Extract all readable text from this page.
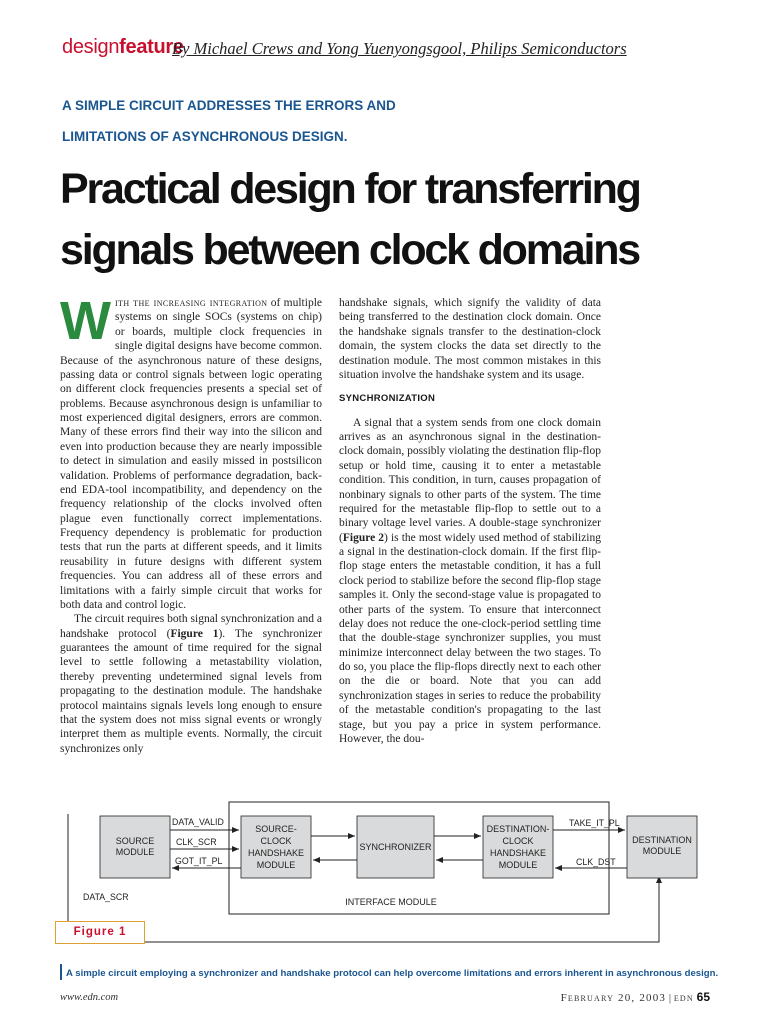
designfeature
By Michael Crews and Yong Yuenyongsgool, Philips Semiconductors
A SIMPLE CIRCUIT ADDRESSES THE ERRORS AND
LIMITATIONS OF ASYNCHRONOUS DESIGN.
Practical design for transferring
signals between clock domains

With the increasing integration of multiple systems on single SOCs (systems on chip) or boards, multiple clock frequencies in single digital designs have become common. Because of the asynchronous nature of these designs, passing data or control signals between logic operating on different clock frequencies presents a special set of problems. Because asynchronous design is unfamiliar to most experienced digital designers, errors are common. Many of these errors find their way into the silicon and even into production because they are nearly impossible to detect in simulation and easily missed in postsilicon validation. Problems of performance degradation, back-end EDA-tool incompatibility, and dependency on the frequency relationship of the clocks involved often plague even functionally correct implementations. Frequency dependency is problematic for production tests that run the parts at different speeds, and it limits reusability in future designs with different system frequencies. You can address all of these errors and limitations with a fairly simple circuit that works for both data and control logic.

The circuit requires both signal synchronization and a handshake protocol (Figure 1). The synchronizer guarantees the amount of time required for the signal level to settle following a metastability violation, thereby preventing undetermined signal levels from propagating to the destination module. The handshake protocol maintains signals levels long enough to ensure that the system does not miss signal events or wrongly interpret them as multiple events. Normally, the circuit synchronizes only

handshake signals, which signify the validity of data being transferred to the destination clock domain. Once the handshake signals transfer to the destination-clock domain, the system clocks the data set directly to the destination module. The most common mistakes in this situation involve the handshake system and its usage.

SYNCHRONIZATION

A signal that a system sends from one clock domain arrives as an asynchronous signal in the destination-clock domain, possibly violating the destination flip-flop setup or hold time, causing it to enter a metastable condition. This condition, in turn, causes propagation of nonbinary signals to other parts of the system. The time required for the metastable flip-flop to settle out to a binary voltage level varies. A double-stage synchronizer (Figure 2) is the most widely used method of stabilizing a signal in the destination-clock domain. If the first flip-flop stage enters the metastable condition, it has a full clock period to stabilize before the second flip-flop stage samples it. Only the second-stage value is propagated to other parts of the system. To ensure that interconnect delay does not reduce the one-clock-period settling time that the double-stage synchronizer supplies, you must minimize interconnect delay between the two stages. To do so, you place the flip-flops directly next to each other on the die or board. Note that you can add synchronization stages in series to reduce the probability of the metastable condition's propagating to the last stage, but you pay a price in system performance. However, the dou-

SOURCE
MODULE
SOURCE-
CLOCK
HANDSHAKE
MODULE
SYNCHRONIZER
DESTINATION-
CLOCK
HANDSHAKE
MODULE
DESTINATION
MODULE
INTERFACE MODULE
DATA_VALID
CLK_SCR
GOT_IT_PL
DATA_SCR
TAKE_IT_PL
CLK_DST
Figure 1
A simple circuit employing a synchronizer and handshake protocol can help overcome limitations and errors inherent in asynchronous design.
www.edn.com	February 20, 2003 | edn 65
